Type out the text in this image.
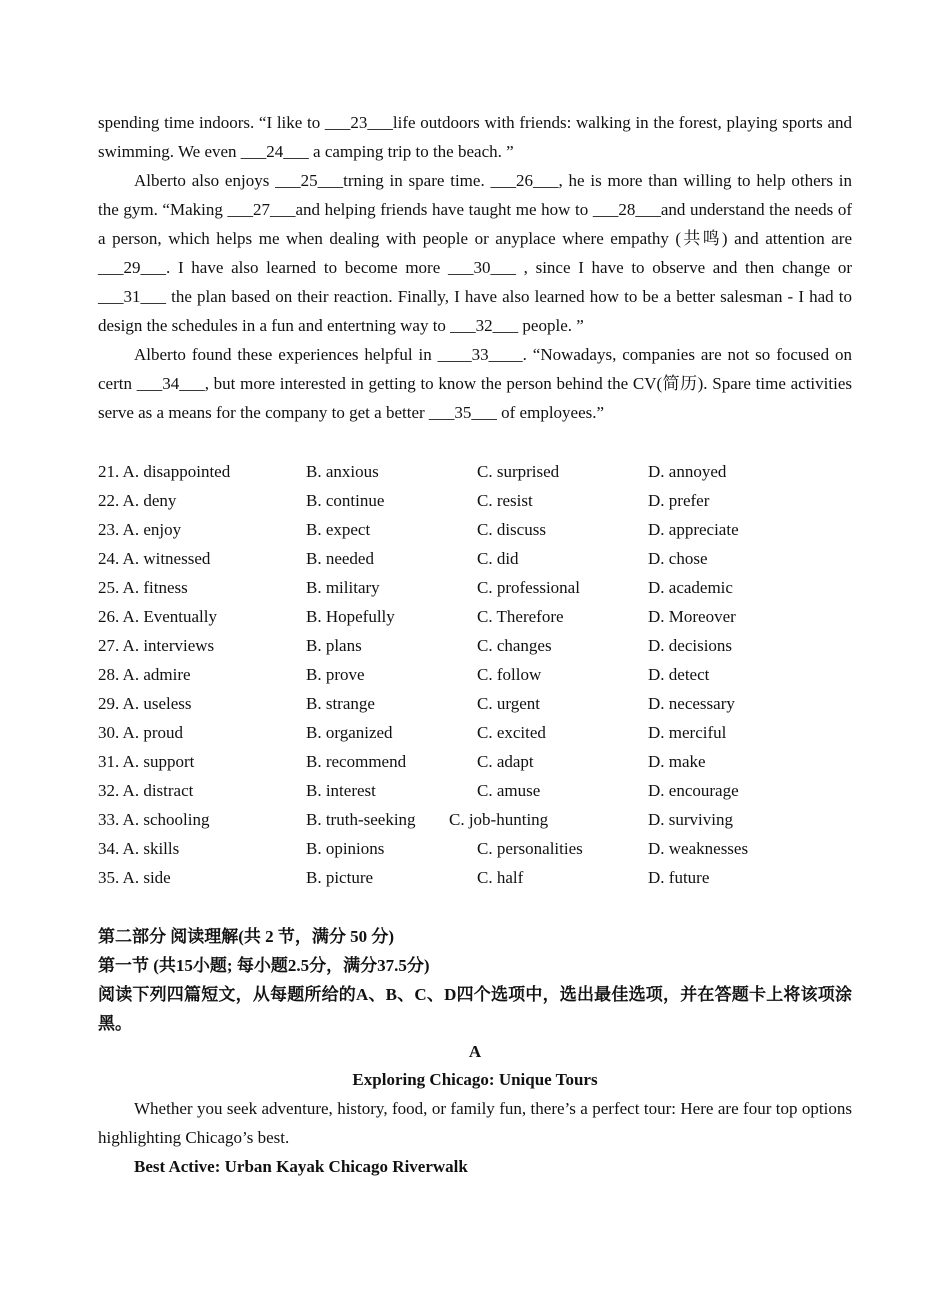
spending time indoors. “I like to ___23___life outdoors with friends: walking in the forest, playing sports and swimming. We even ___24___ a camping trip to the beach. ”

Alberto also enjoys ___25___trning in spare time. ___26___, he is more than willing to help others in the gym. “Making ___27___and helping friends have taught me how to ___28___and understand the needs of a person, which helps me when dealing with people or anyplace where empathy (共鸣) and attention are ___29___. I have also learned to become more ___30___ , since I have to observe and then change or ___31___ the plan based on their reaction. Finally, I have also learned how to be a better salesman - I had to design the schedules in a fun and entertning way to ___32___ people. ”

Alberto found these experiences helpful in ____33____. “Nowadays, companies are not so focused on certn ___34___, but more interested in getting to know the person behind the CV(简历). Spare time activities serve as a means for the company to get a better ___35___ of employees.”

21. A. disappointed	B. anxious	C. surprised	D. annoyed
22. A. deny	B. continue	C. resist	D. prefer
23. A. enjoy	B. expect	C. discuss	D. appreciate
24. A. witnessed	B. needed	C. did	D. chose
25. A. fitness	B. military	C. professional	D. academic
26. A. Eventually	B. Hopefully	C. Therefore	D. Moreover
27. A. interviews	B. plans	C. changes	D. decisions
28. A. admire	B. prove	C. follow	D. detect
29. A. useless	B. strange	C. urgent	D. necessary
30. A. proud	B. organized	C. excited	D. merciful
31. A. support	B. recommend	C. adapt	D. make
32. A. distract	B. interest	C. amuse	D. encourage
33. A. schooling	B. truth-seeking C. job-hunting	D. surviving
34. A. skills	B. opinions	C. personalities	D. weaknesses
35. A. side	B. picture	C. half	D. future

第二部分 阅读理解(共 2 节，满分 50 分)

第一节 (共15小题; 每小题2.5分，满分37.5分)

阅读下列四篇短文，从每题所给的A、B、C、D四个选项中，选出最佳选项，并在答题卡上将该项涂黑。

A

Exploring Chicago: Unique Tours

Whether you seek adventure, history, food, or family fun, there’s a perfect tour: Here are four top options highlighting Chicago’s best.

Best Active: Urban Kayak Chicago Riverwalk
